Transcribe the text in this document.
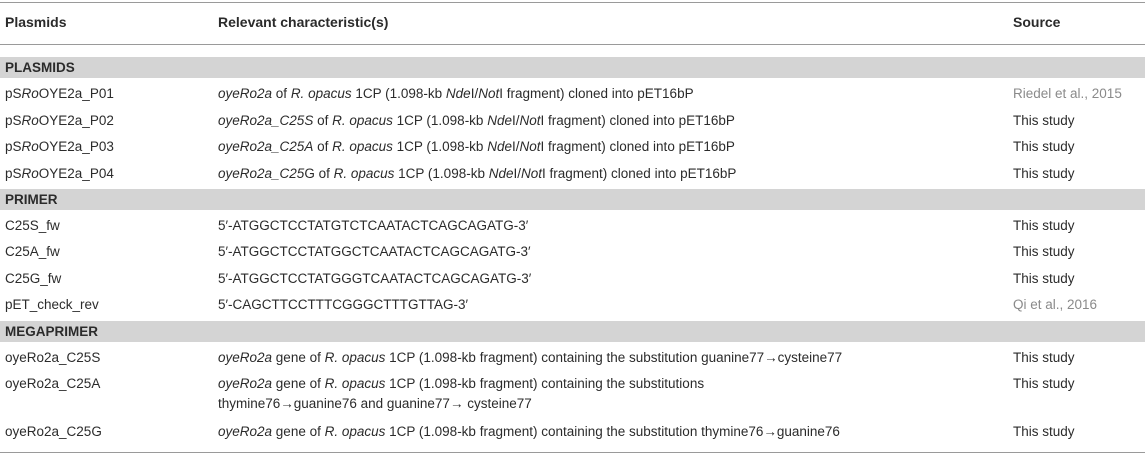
Plasmids	Relevant characteristic(s)	Source
PLASMIDS
pSRoOYE2a_P01	oyeRo2a of R. opacus 1CP (1.098-kb NdeI/NotI fragment) cloned into pET16bP	Riedel et al., 2015
pSRoOYE2a_P02	oyeRo2a_C25S of R. opacus 1CP (1.098-kb NdeI/NotI fragment) cloned into pET16bP	This study
pSRoOYE2a_P03	oyeRo2a_C25A of R. opacus 1CP (1.098-kb NdeI/NotI fragment) cloned into pET16bP	This study
pSRoOYE2a_P04	oyeRo2a_C25G of R. opacus 1CP (1.098-kb NdeI/NotI fragment) cloned into pET16bP	This study
PRIMER
C25S_fw	5′-ATGGCTCCTATGTCTCAATACTCAGCAGATG-3′	This study
C25A_fw	5′-ATGGCTCCTATGGCTCAATACTCAGCAGATG-3′	This study
C25G_fw	5′-ATGGCTCCTATGGGTCAATACTCAGCAGATG-3′	This study
pET_check_rev	5′-CAGCTTCCTTTCGGGCTTTGTTAG-3′	Qi et al., 2016
MEGAPRIMER
oyeRo2a_C25S	oyeRo2a gene of R. opacus 1CP (1.098-kb fragment) containing the substitution guanine77→cysteine77	This study
oyeRo2a_C25A	oyeRo2a gene of R. opacus 1CP (1.098-kb fragment) containing the substitutions	This study
thymine76→guanine76 and guanine77→ cysteine77
oyeRo2a_C25G	oyeRo2a gene of R. opacus 1CP (1.098-kb fragment) containing the substitution thymine76→guanine76	This study
